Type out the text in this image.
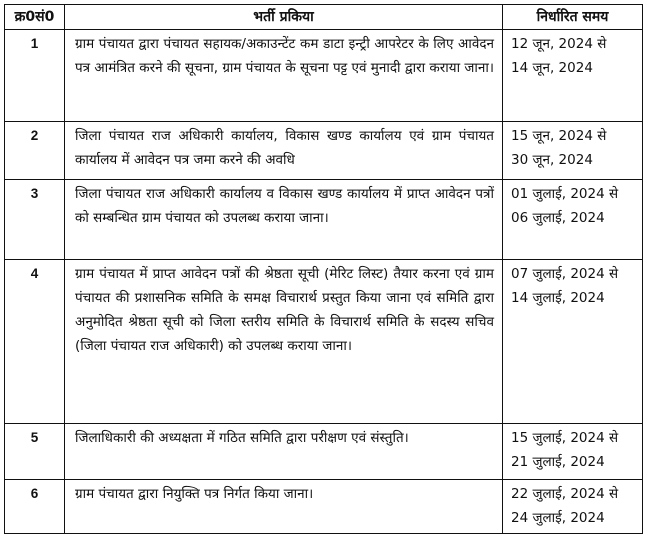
क्र0सं0	भर्ती प्रकिया	निर्धारित समय
1	ग्राम पंचायत द्वारा पंचायत सहायक/अकाउन्टेंट कम डाटा इन्ट्री आपरेटर के लिए आवेदन पत्र आमंत्रित करने की सूचना, ग्राम पंचायत के सूचना पट्ट एवं मुनादी द्वारा कराया जाना।	12 जून, 2024 से
14 जून, 2024

2	जिला पंचायत राज अधिकारी कार्यालय, विकास खण्ड कार्यालय एवं ग्राम पंचायत कार्यालय में आवेदन पत्र जमा करने की अवधि	15 जून, 2024 से
30 जून, 2024

3	जिला पंचायत राज अधिकारी कार्यालय व विकास खण्ड कार्यालय में प्राप्त आवेदन पत्रों को सम्बन्धित ग्राम पंचायत को उपलब्ध कराया जाना।	01 जुलाई, 2024 से
06 जुलाई, 2024

4	ग्राम पंचायत में प्राप्त आवेदन पत्रों की श्रेष्ठता सूची (मेरिट लिस्ट) तैयार करना एवं ग्राम पंचायत की प्रशासनिक समिति के समक्ष विचारार्थ प्रस्तुत किया जाना एवं समिति द्वारा अनुमोदित श्रेष्ठता सूची को जिला स्तरीय समिति के विचारार्थ समिति के सदस्य सचिव (जिला पंचायत राज अधिकारी) को उपलब्ध कराया जाना।	07 जुलाई, 2024 से
14 जुलाई, 2024

5	जिलाधिकारी की अध्यक्षता में गठित समिति द्वारा परीक्षण एवं संस्तुति।	15 जुलाई, 2024 से
21 जुलाई, 2024

6	ग्राम पंचायत द्वारा नियुक्ति पत्र निर्गत किया जाना।	22 जुलाई, 2024 से
24 जुलाई, 2024
